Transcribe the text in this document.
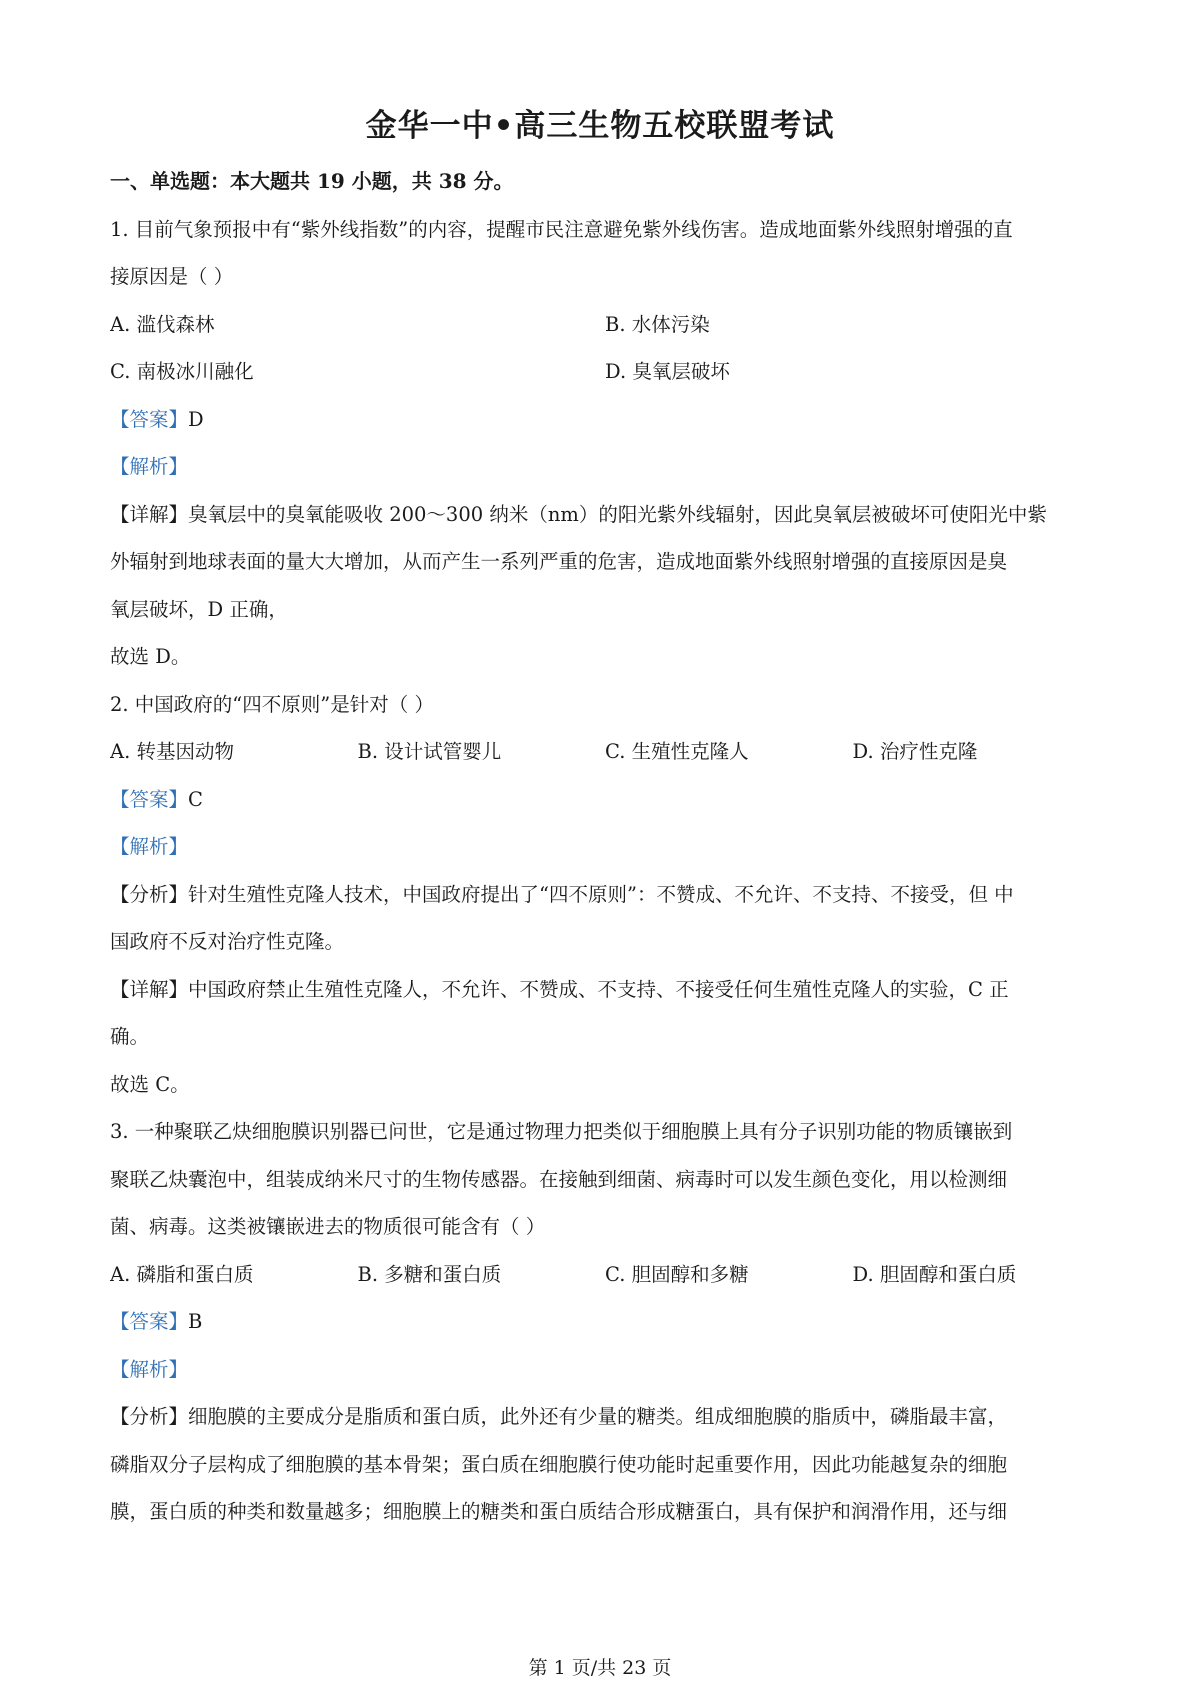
金华一中•高三生物五校联盟考试
一、单选题：本大题共 19 小题，共 38 分。
1. 目前气象预报中有“紫外线指数”的内容，提醒市民注意避免紫外线伤害。造成地面紫外线照射增强的直
接原因是（ ）
A. 滥伐森林	B. 水体污染
C. 南极冰川融化	D. 臭氧层破坏
【答案】D
【解析】
【详解】臭氧层中的臭氧能吸收 200～300 纳米（nm）的阳光紫外线辐射，因此臭氧层被破坏可使阳光中紫
外辐射到地球表面的量大大增加，从而产生一系列严重的危害，造成地面紫外线照射增强的直接原因是臭
氧层破坏，D 正确，
故选 D。
2. 中国政府的“四不原则”是针对（ ）
A. 转基因动物	B. 设计试管婴儿	C. 生殖性克隆人	D. 治疗性克隆
【答案】C
【解析】
【分析】针对生殖性克隆人技术，中国政府提出了“四不原则”：不赞成、不允许、不支持、不接受，但 中
国政府不反对治疗性克隆。
【详解】中国政府禁止生殖性克隆人，不允许、不赞成、不支持、不接受任何生殖性克隆人的实验，C 正
确。
故选 C。
3. 一种聚联乙炔细胞膜识别器已问世，它是通过物理力把类似于细胞膜上具有分子识别功能的物质镶嵌到
聚联乙炔囊泡中，组装成纳米尺寸的生物传感器。在接触到细菌、病毒时可以发生颜色变化，用以检测细
菌、病毒。这类被镶嵌进去的物质很可能含有（ ）
A. 磷脂和蛋白质	B. 多糖和蛋白质	C. 胆固醇和多糖	D. 胆固醇和蛋白质
【答案】B
【解析】
【分析】细胞膜的主要成分是脂质和蛋白质，此外还有少量的糖类。组成细胞膜的脂质中，磷脂最丰富，
磷脂双分子层构成了细胞膜的基本骨架；蛋白质在细胞膜行使功能时起重要作用，因此功能越复杂的细胞
膜，蛋白质的种类和数量越多；细胞膜上的糖类和蛋白质结合形成糖蛋白，具有保护和润滑作用，还与细
第 1 页/共 23 页
